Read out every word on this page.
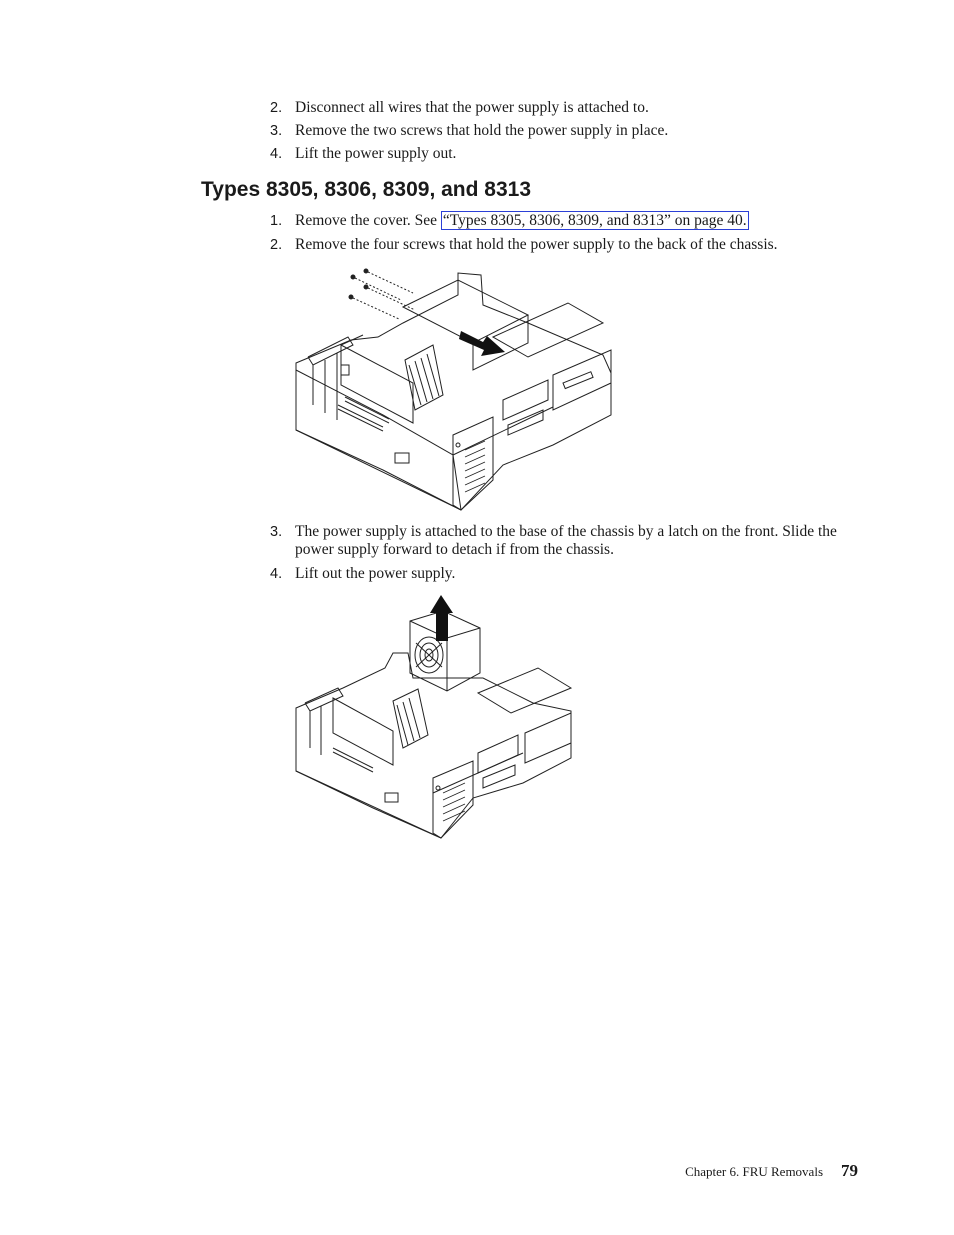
2. Disconnect all wires that the power supply is attached to.
3. Remove the two screws that hold the power supply in place.
4. Lift the power supply out.
Types 8305, 8306, 8309, and 8313
1. Remove the cover. See “Types 8305, 8306, 8309, and 8313” on page 40.
2. Remove the four screws that hold the power supply to the back of the chassis.
3. The power supply is attached to the base of the chassis by a latch on the front. Slide the power supply forward to detach if from the chassis.
4. Lift out the power supply.
Chapter 6. FRU Removals 79
